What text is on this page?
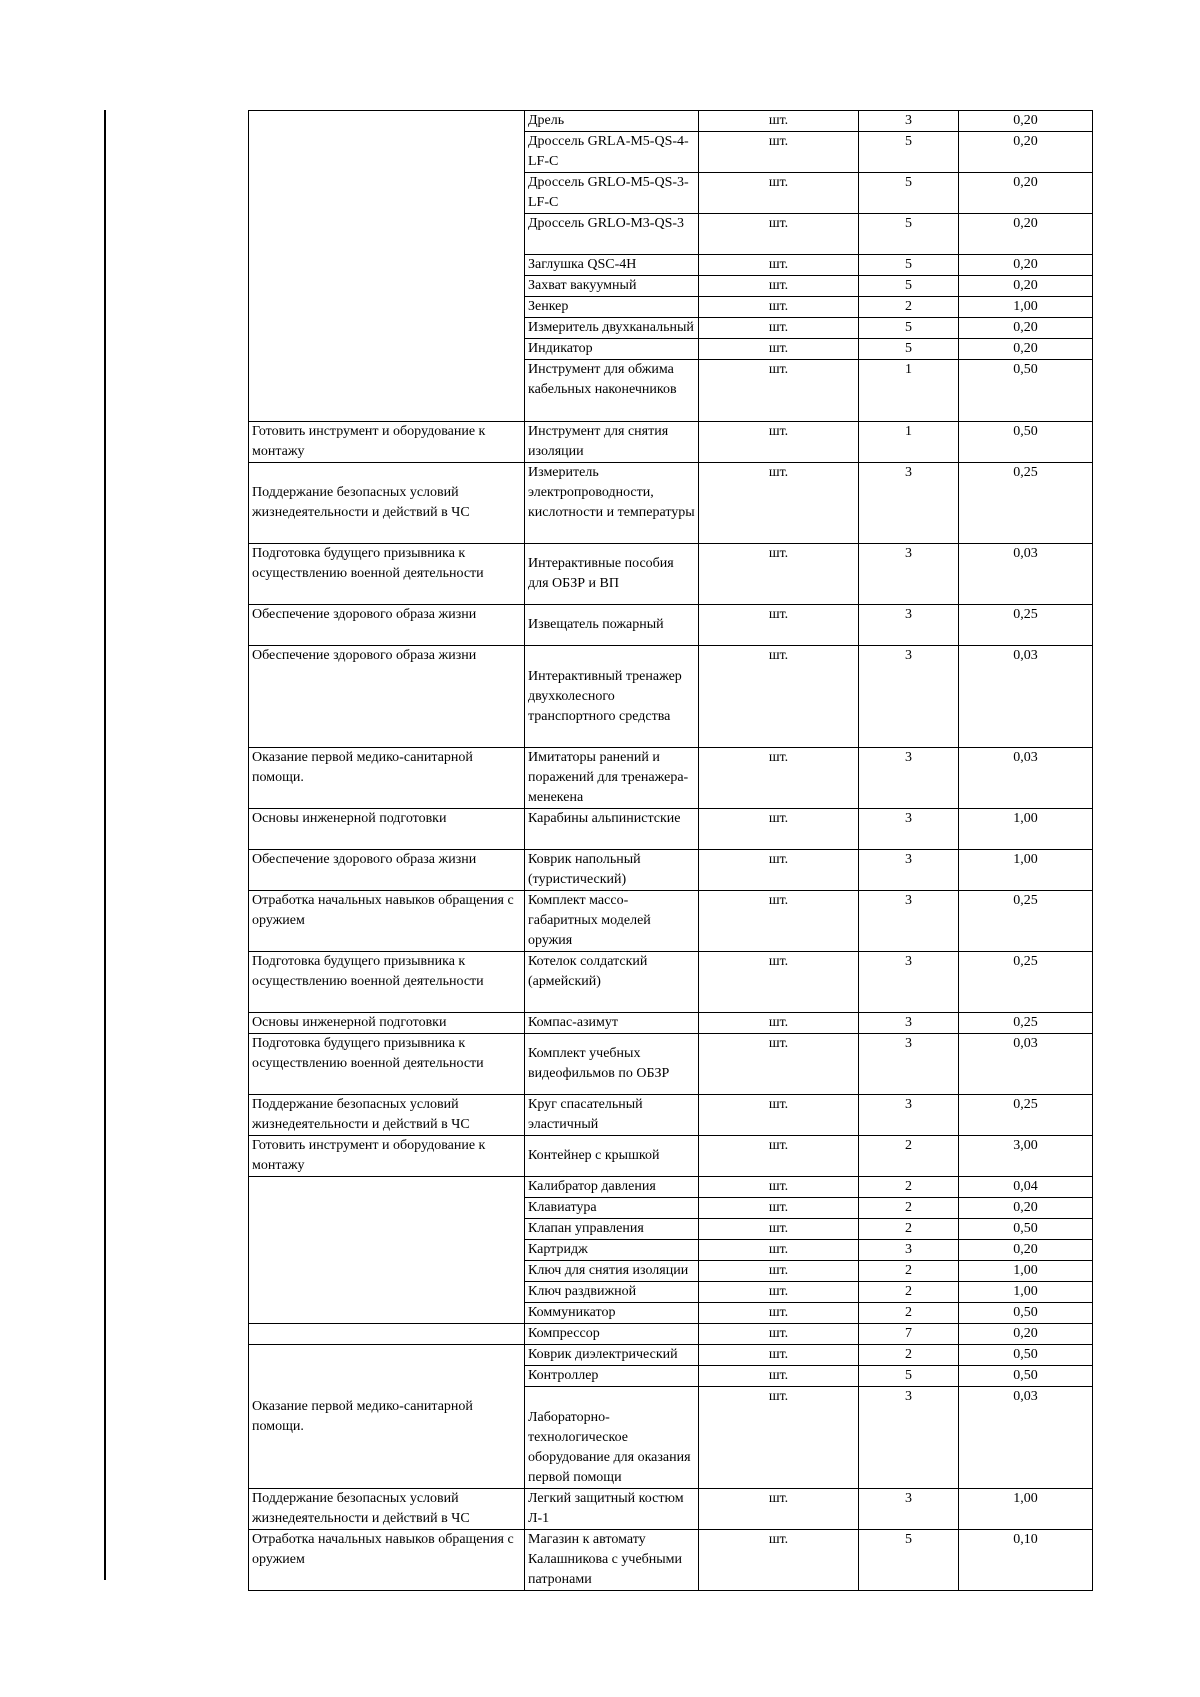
	Дрель	шт.	3	0,20
	Дроссель GRLA-M5-QS-4-LF-C	шт.	5	0,20
	Дроссель GRLO-M5-QS-3-LF-C	шт.	5	0,20
	Дроссель GRLO-M3-QS-3	шт.	5	0,20
	Заглушка QSC-4H	шт.	5	0,20
	Захват вакуумный	шт.	5	0,20
	Зенкер	шт.	2	1,00
	Измеритель двухканальный	шт.	5	0,20
	Индикатор	шт.	5	0,20
	Инструмент для обжима кабельных наконечников	шт.	1	0,50
Готовить инструмент и оборудование к монтажу	Инструмент для снятия изоляции	шт.	1	0,50
Поддержание безопасных условий жизнедеятельности и действий в ЧС	Измеритель электропроводности, кислотности и температуры	шт.	3	0,25
Подготовка будущего призывника к осуществлению военной деятельности	Интерактивные пособия для ОБЗР и ВП	шт.	3	0,03
Обеспечение здорового образа жизни	Извещатель пожарный	шт.	3	0,25
Обеспечение здорового образа жизни	Интерактивный тренажер двухколесного транспортного средства	шт.	3	0,03
Оказание первой медико-санитарной помощи.	Имитаторы ранений и поражений для тренажера-менекена	шт.	3	0,03
Основы инженерной подготовки	Карабины альпинистские	шт.	3	1,00
Обеспечение здорового образа жизни	Коврик напольный (туристический)	шт.	3	1,00
Отработка начальных навыков обращения с оружием	Комплект массо-габаритных моделей оружия	шт.	3	0,25
Подготовка будущего призывника к осуществлению военной деятельности	Котелок солдатский (армейский)	шт.	3	0,25
Основы инженерной подготовки	Компас-азимут	шт.	3	0,25
Подготовка будущего призывника к осуществлению военной деятельности	Комплект учебных видеофильмов по ОБЗР	шт.	3	0,03
Поддержание безопасных условий жизнедеятельности и действий в ЧС	Круг спасательный эластичный	шт.	3	0,25
Готовить инструмент и оборудование к монтажу	Контейнер с крышкой	шт.	2	3,00
	Калибратор давления	шт.	2	0,04
	Клавиатура	шт.	2	0,20
	Клапан управления	шт.	2	0,50
	Картридж	шт.	3	0,20
	Ключ для снятия изоляции	шт.	2	1,00
	Ключ раздвижной	шт.	2	1,00
	Коммуникатор	шт.	2	0,50
	Компрессор	шт.	7	0,20
Оказание первой медико-санитарной помощи.	Коврик диэлектрический	шт.	2	0,50
	Контроллер	шт.	5	0,50
	Лабораторно-технологическое оборудование для оказания первой помощи	шт.	3	0,03
Поддержание безопасных условий жизнедеятельности и действий в ЧС	Легкий защитный костюм Л-1	шт.	3	1,00
Отработка начальных навыков обращения с оружием	Магазин к автомату Калашникова с учебными патронами	шт.	5	0,10
